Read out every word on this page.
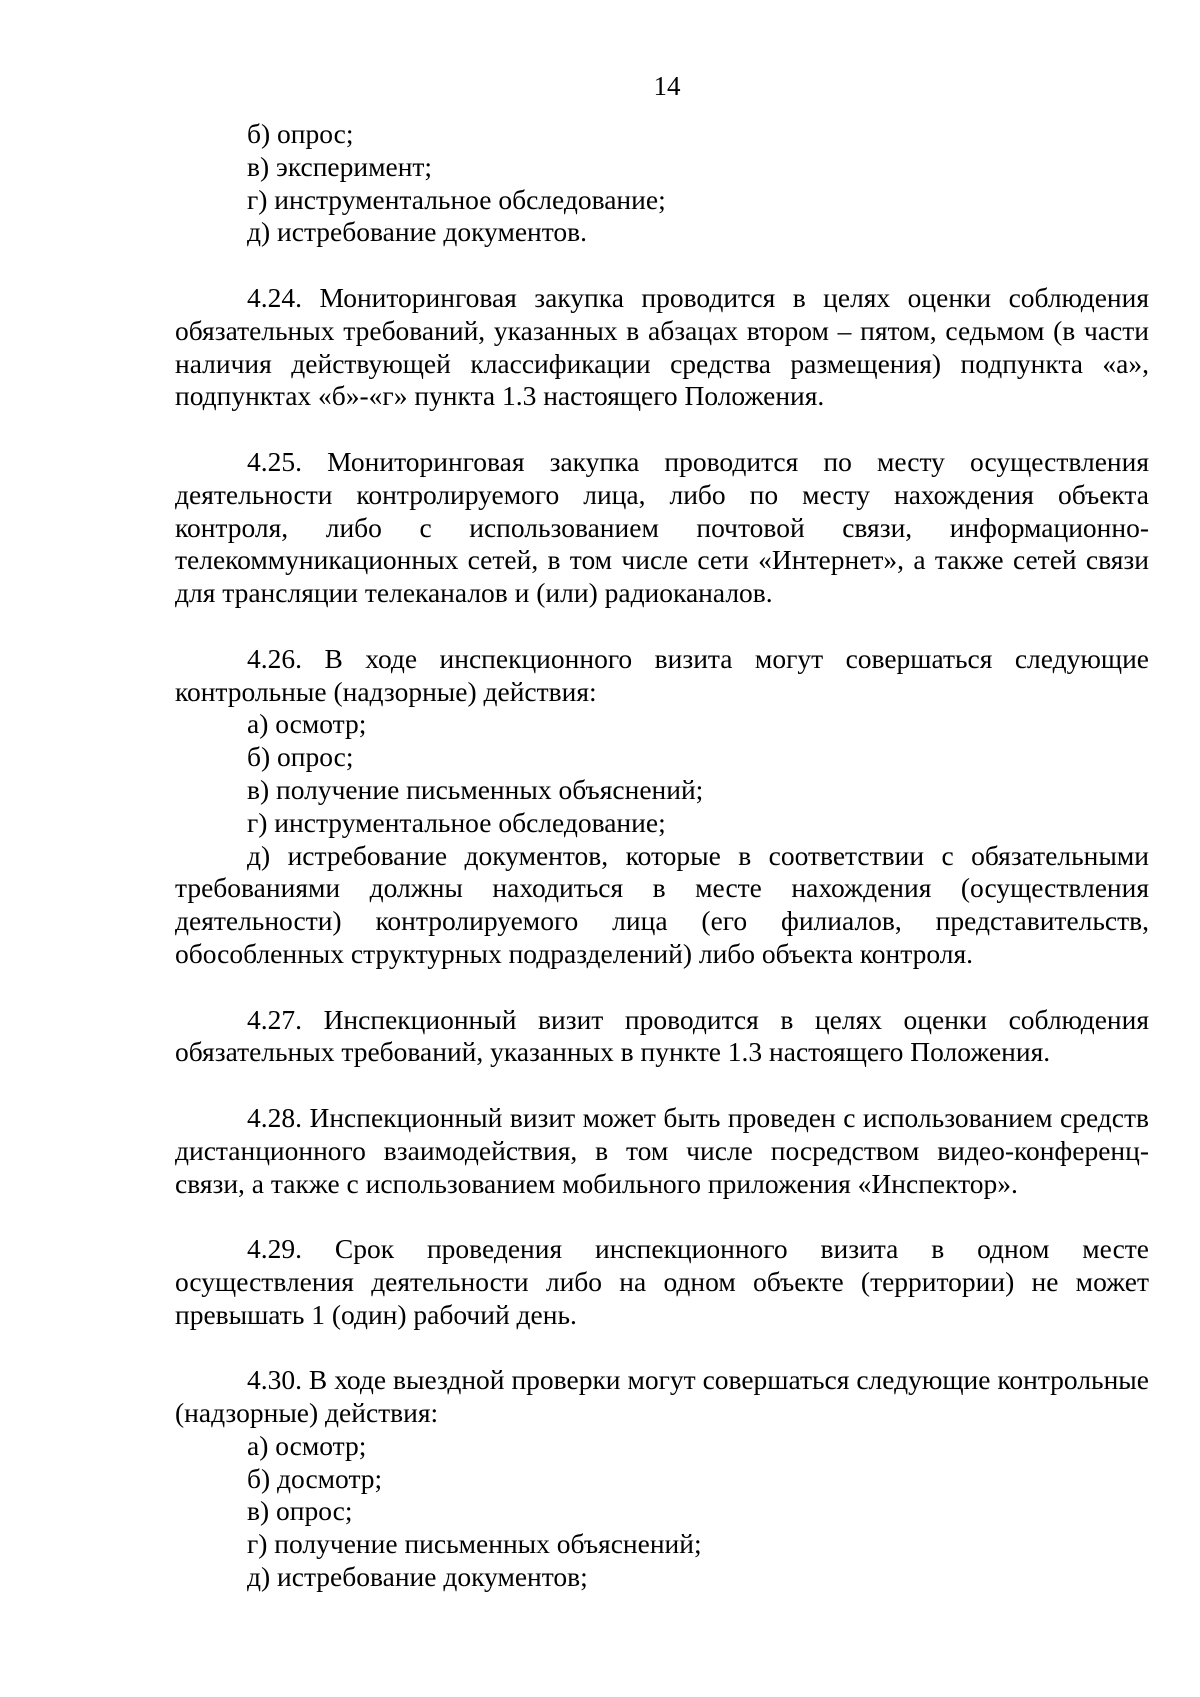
14

б) опрос;

в) эксперимент;

г) инструментальное обследование;

д) истребование документов.

4.24. Мониторинговая закупка проводится в целях оценки соблюдения обязательных требований, указанных в абзацах втором – пятом, седьмом (в части наличия действующей классификации средства размещения) подпункта «а», подпунктах «б»-«г» пункта 1.3 настоящего Положения.

4.25. Мониторинговая закупка проводится по месту осуществления деятельности контролируемого лица, либо по месту нахождения объекта контроля, либо с использованием почтовой связи, информационно-телекоммуникационных сетей, в том числе сети «Интернет», а также сетей связи для трансляции телеканалов и (или) радиоканалов.

4.26. В ходе инспекционного визита могут совершаться следующие контрольные (надзорные) действия:

а) осмотр;

б) опрос;

в) получение письменных объяснений;

г) инструментальное обследование;

д) истребование документов, которые в соответствии с обязательными требованиями должны находиться в месте нахождения (осуществления деятельности) контролируемого лица (его филиалов, представительств, обособленных структурных подразделений) либо объекта контроля.

4.27. Инспекционный визит проводится в целях оценки соблюдения обязательных требований, указанных в пункте 1.3 настоящего Положения.

4.28. Инспекционный визит может быть проведен с использованием средств дистанционного взаимодействия, в том числе посредством видео-конференц-связи, а также с использованием мобильного приложения «Инспектор».

4.29. Срок проведения инспекционного визита в одном месте осуществления деятельности либо на одном объекте (территории) не может превышать 1 (один) рабочий день.

4.30. В ходе выездной проверки могут совершаться следующие контрольные (надзорные) действия:

а) осмотр;

б) досмотр;

в) опрос;

г) получение письменных объяснений;

д) истребование документов;
